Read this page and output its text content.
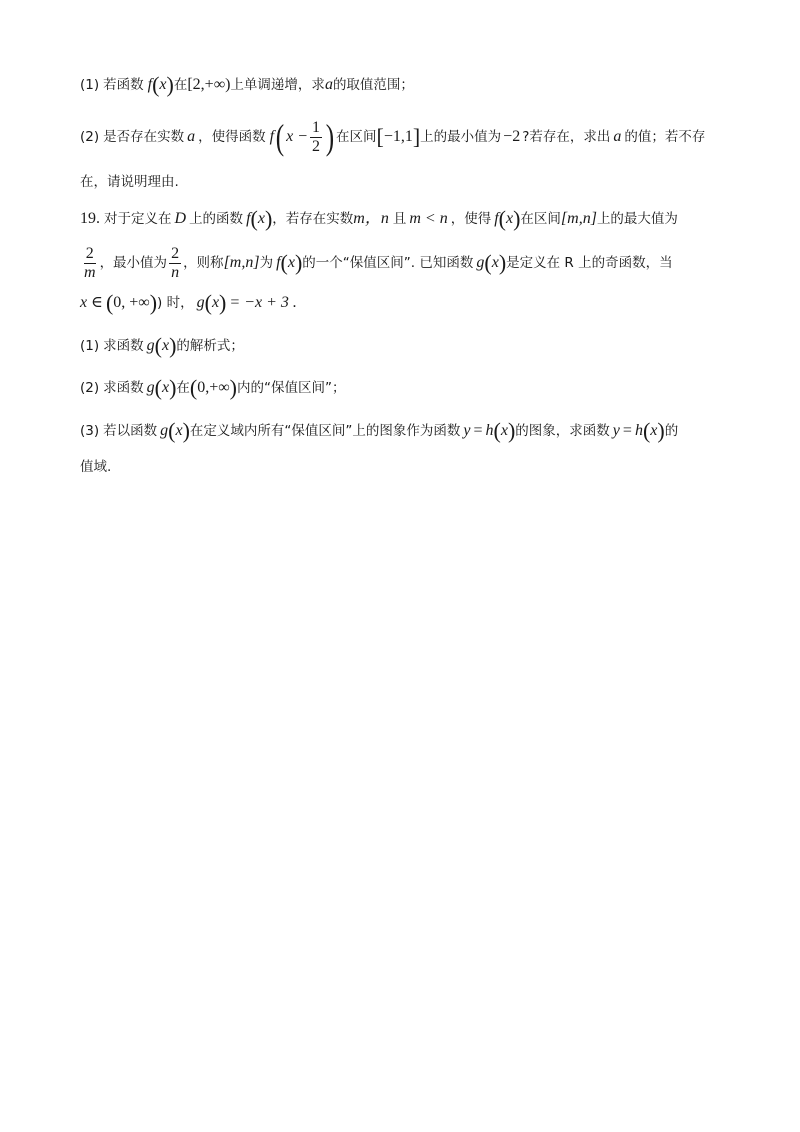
(1) 若函数 f ( x ) 在 [2,+∞) 上单调递增，求 a 的取值范围；
(2) 是否存在实数 a ，使得函数 f ( $x - \frac{1}{2}$ ) 在区间 [ −1,1 ] 上的最小值为 −2 ?若存在，求出 a 的值；若不存
在，请说明理由.
19. 对于定义在 D 上的函数 f ( x ) ，若存在实数 m，n 且 m < n ，使得 f ( x ) 在区间 [m,n] 上的最大值为
$\frac{2}{m}$ ，最小值为 $\frac{2}{n}$ ，则称 [m,n] 为 f ( x ) 的一个“保值区间”. 已知函数 g ( x ) 是定义在 R 上的奇函数，当
x ∈ ( 0, +∞ ) ) 时， g ( x ) = −x + 3 .
(1) 求函数 g ( x ) 的解析式；
(2) 求函数 g ( x ) 在 ( 0,+∞ ) 内的“保值区间”；
(3) 若以函数 g ( x ) 在定义域内所有“保值区间”上的图象作为函数 y = h ( x ) 的图象，求函数 y = h ( x ) 的
值域.
